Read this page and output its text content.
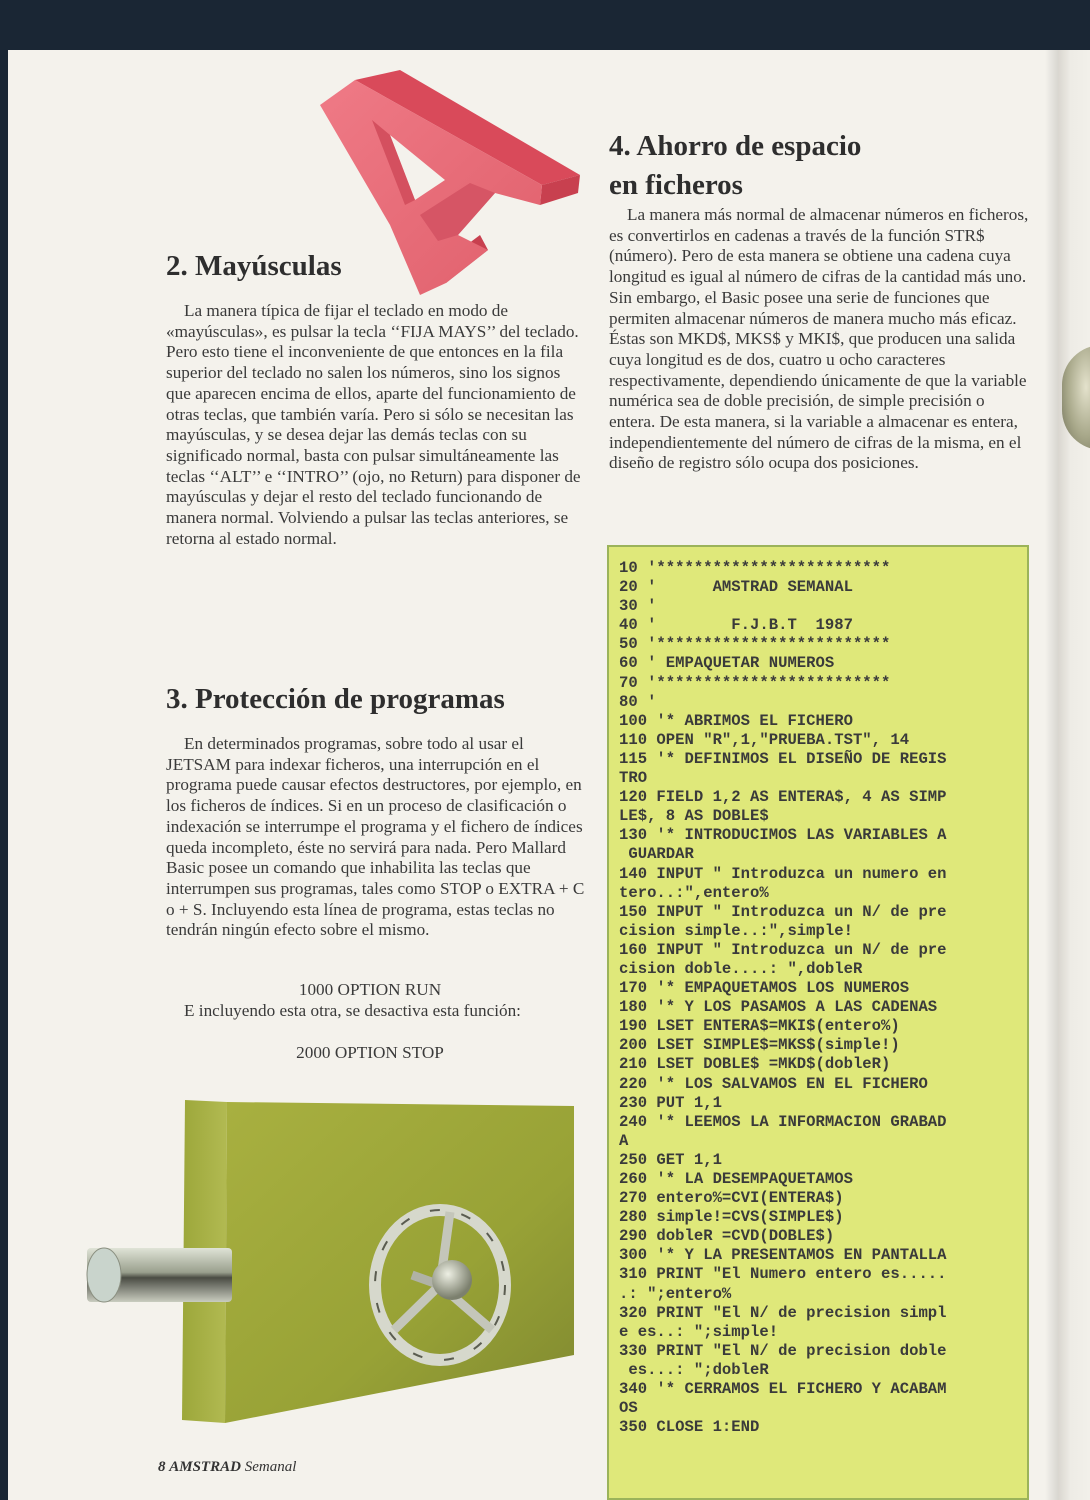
2. Mayúsculas

La manera típica de fijar el teclado en modo de «mayúsculas», es pulsar la tecla ‘‘FIJA MAYS’’ del teclado. Pero esto tiene el inconveniente de que entonces en la fila superior del teclado no salen los números, sino los signos que aparecen encima de ellos, aparte del funcionamiento de otras teclas, que también varía. Pero si sólo se necesitan las mayúsculas, y se desea dejar las demás teclas con su significado normal, basta con pulsar simultáneamente las teclas ‘‘ALT’’ e ‘‘INTRO’’ (ojo, no Return) para disponer de mayúsculas y dejar el resto del teclado funcionando de manera normal. Volviendo a pulsar las teclas anteriores, se retorna al estado normal.

3. Protección de programas

En determinados programas, sobre todo al usar el JETSAM para indexar ficheros, una interrupción en el programa puede causar efectos destructores, por ejemplo, en los ficheros de índices. Si en un proceso de clasificación o indexación se interrumpe el programa y el fichero de índices queda incompleto, éste no servirá para nada. Pero Mallard Basic posee un comando que inhabilita las teclas que interrumpen sus programas, tales como STOP o EXTRA + C o + S. Incluyendo esta línea de programa, estas teclas no tendrán ningún efecto sobre el mismo.

1000 OPTION RUN

E incluyendo esta otra, se desactiva esta función:

2000 OPTION STOP

4. Ahorro de espacio
en ficheros

La manera más normal de almacenar números en ficheros, es convertirlos en cadenas a través de la función STR$ (número). Pero de esta manera se obtiene una cadena cuya longitud es igual al número de cifras de la cantidad más uno. Sin embargo, el Basic posee una serie de funciones que permiten almacenar números de manera mucho más eficaz. Éstas son MKD$, MKS$ y MKI$, que producen una salida cuya longitud es de dos, cuatro u ocho caracteres respectivamente, dependiendo únicamente de que la variable numérica sea de doble precisión, de simple precisión o entera. De esta manera, si la variable a almacenar es entera, independientemente del número de cifras de la misma, en el diseño de registro sólo ocupa dos posiciones.

10 '*************************
20 '      AMSTRAD SEMANAL
30 '
40 '        F.J.B.T  1987
50 '*************************
60 ' EMPAQUETAR NUMEROS
70 '*************************
80 '
100 '* ABRIMOS EL FICHERO
110 OPEN "R",1,"PRUEBA.TST", 14
115 '* DEFINIMOS EL DISEÑO DE REGIS
TRO
120 FIELD 1,2 AS ENTERA$, 4 AS SIMP
LE$, 8 AS DOBLE$
130 '* INTRODUCIMOS LAS VARIABLES A
GUARDAR
140 INPUT " Introduzca un numero en
tero..:",entero%
150 INPUT " Introduzca un N/ de pre
cision simple..:",simple!
160 INPUT " Introduzca un N/ de pre
cision doble....: ",dobleR
170 '* EMPAQUETAMOS LOS NUMEROS
180 '* Y LOS PASAMOS A LAS CADENAS
190 LSET ENTERA$=MKI$(entero%)
200 LSET SIMPLE$=MKS$(simple!)
210 LSET DOBLE$ =MKD$(dobleR)
220 '* LOS SALVAMOS EN EL FICHERO
230 PUT 1,1
240 '* LEEMOS LA INFORMACION GRABAD
A
250 GET 1,1
260 '* LA DESEMPAQUETAMOS
270 entero%=CVI(ENTERA$)
280 simple!=CVS(SIMPLE$)
290 dobleR =CVD(DOBLE$)
300 '* Y LA PRESENTAMOS EN PANTALLA
310 PRINT "El Numero entero es.....
.: ";entero%
320 PRINT "El N/ de precision simpl
e es..: ";simple!
330 PRINT "El N/ de precision doble
es...: ";dobleR
340 '* CERRAMOS EL FICHERO Y ACABAM
OS
350 CLOSE 1:END
8 AMSTRAD Semanal
